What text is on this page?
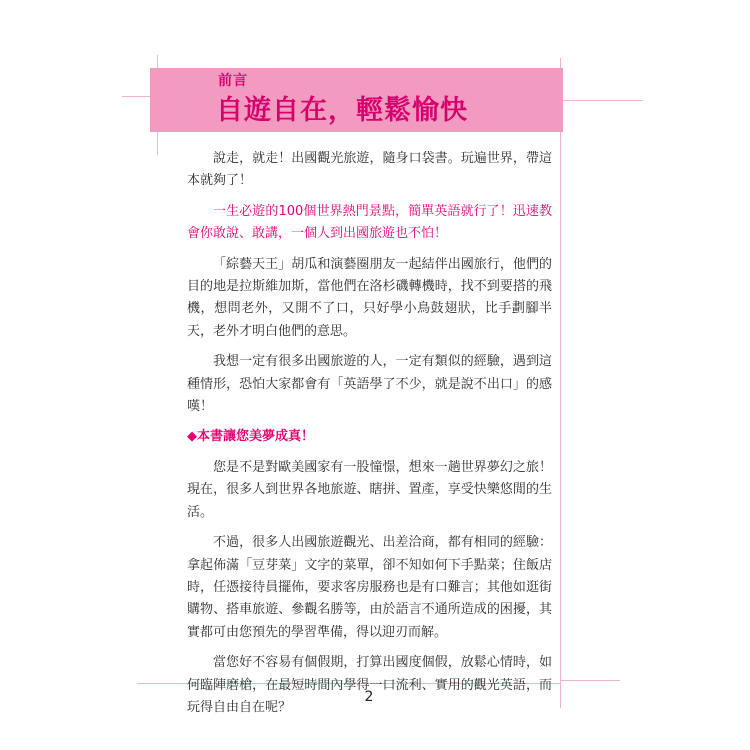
前言
自遊自在，輕鬆愉快

說走，就走！出國觀光旅遊，隨身口袋書。玩遍世界，帶這本就夠了！

一生必遊的100個世界熱門景點，簡單英語就行了！迅速教會你敢說、敢講，一個人到出國旅遊也不怕！

「綜藝天王」胡瓜和演藝圈朋友一起結伴出國旅行，他們的目的地是拉斯維加斯，當他們在洛杉磯轉機時，找不到要搭的飛機，想問老外，又開不了口，只好學小鳥鼓翅狀，比手劃腳半天，老外才明白他們的意思。

我想一定有很多出國旅遊的人，一定有類似的經驗，遇到這種情形，恐怕大家都會有「英語學了不少，就是說不出口」的感嘆！

◆本書讓您美夢成真！

您是不是對歐美國家有一股憧憬，想來一趟世界夢幻之旅！現在，很多人到世界各地旅遊、瞎拼、置產，享受快樂悠閒的生活。

不過，很多人出國旅遊觀光、出差洽商，都有相同的經驗：拿起佈滿「豆芽菜」文字的菜單，卻不知如何下手點菜；住飯店時，任憑接待員擺佈，要求客房服務也是有口難言；其他如逛街購物、搭車旅遊、參觀名勝等，由於語言不通所造成的困擾，其實都可由您預先的學習準備，得以迎刃而解。

當您好不容易有個假期，打算出國度個假，放鬆心情時，如何臨陣磨槍，在最短時間內學得一口流利、實用的觀光英語，而玩得自由自在呢？

2
